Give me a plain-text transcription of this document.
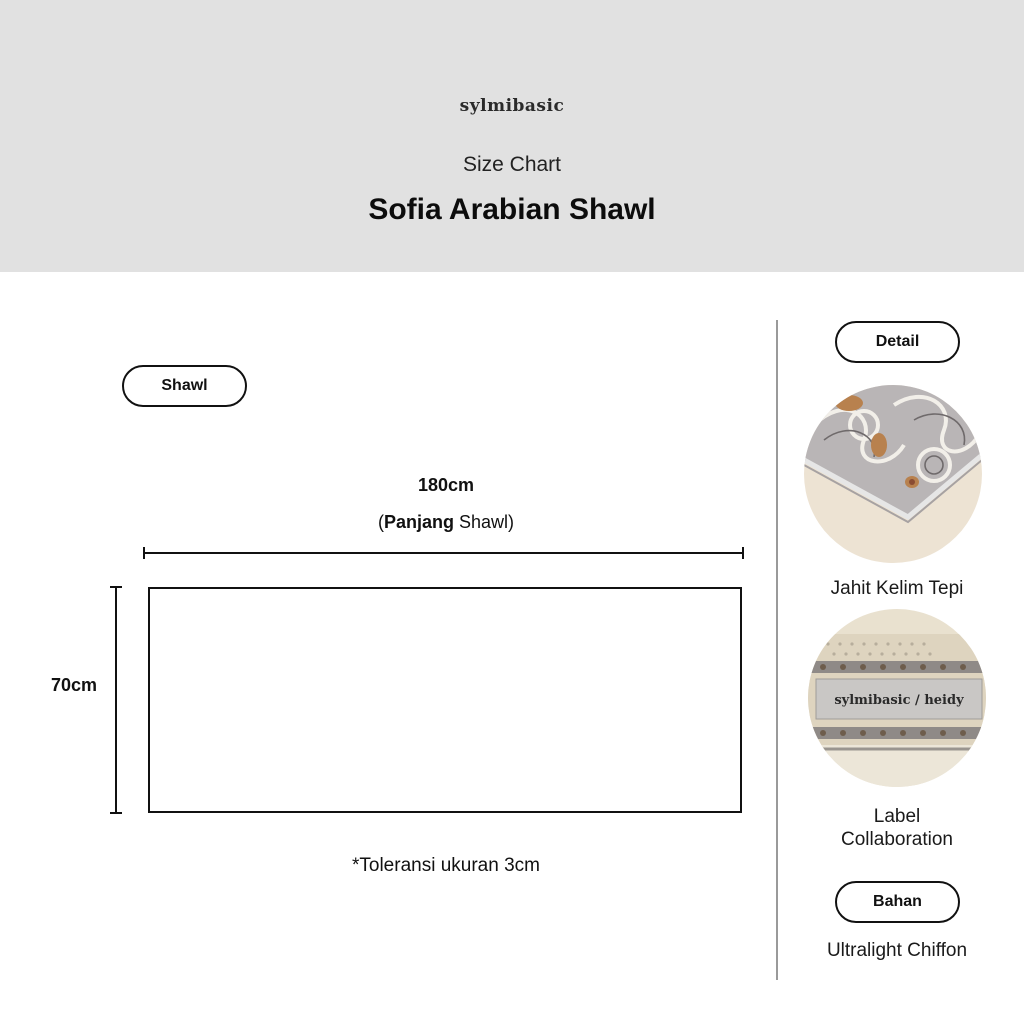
sylmibasic
Size Chart
Sofia Arabian Shawl
Shawl
180cm
(Panjang Shawl)
70cm
*Toleransi ukuran 3cm
Detail
Jahit Kelim Tepi
sylmibasic / heidy
Label
Collaboration
Bahan
Ultralight Chiffon
